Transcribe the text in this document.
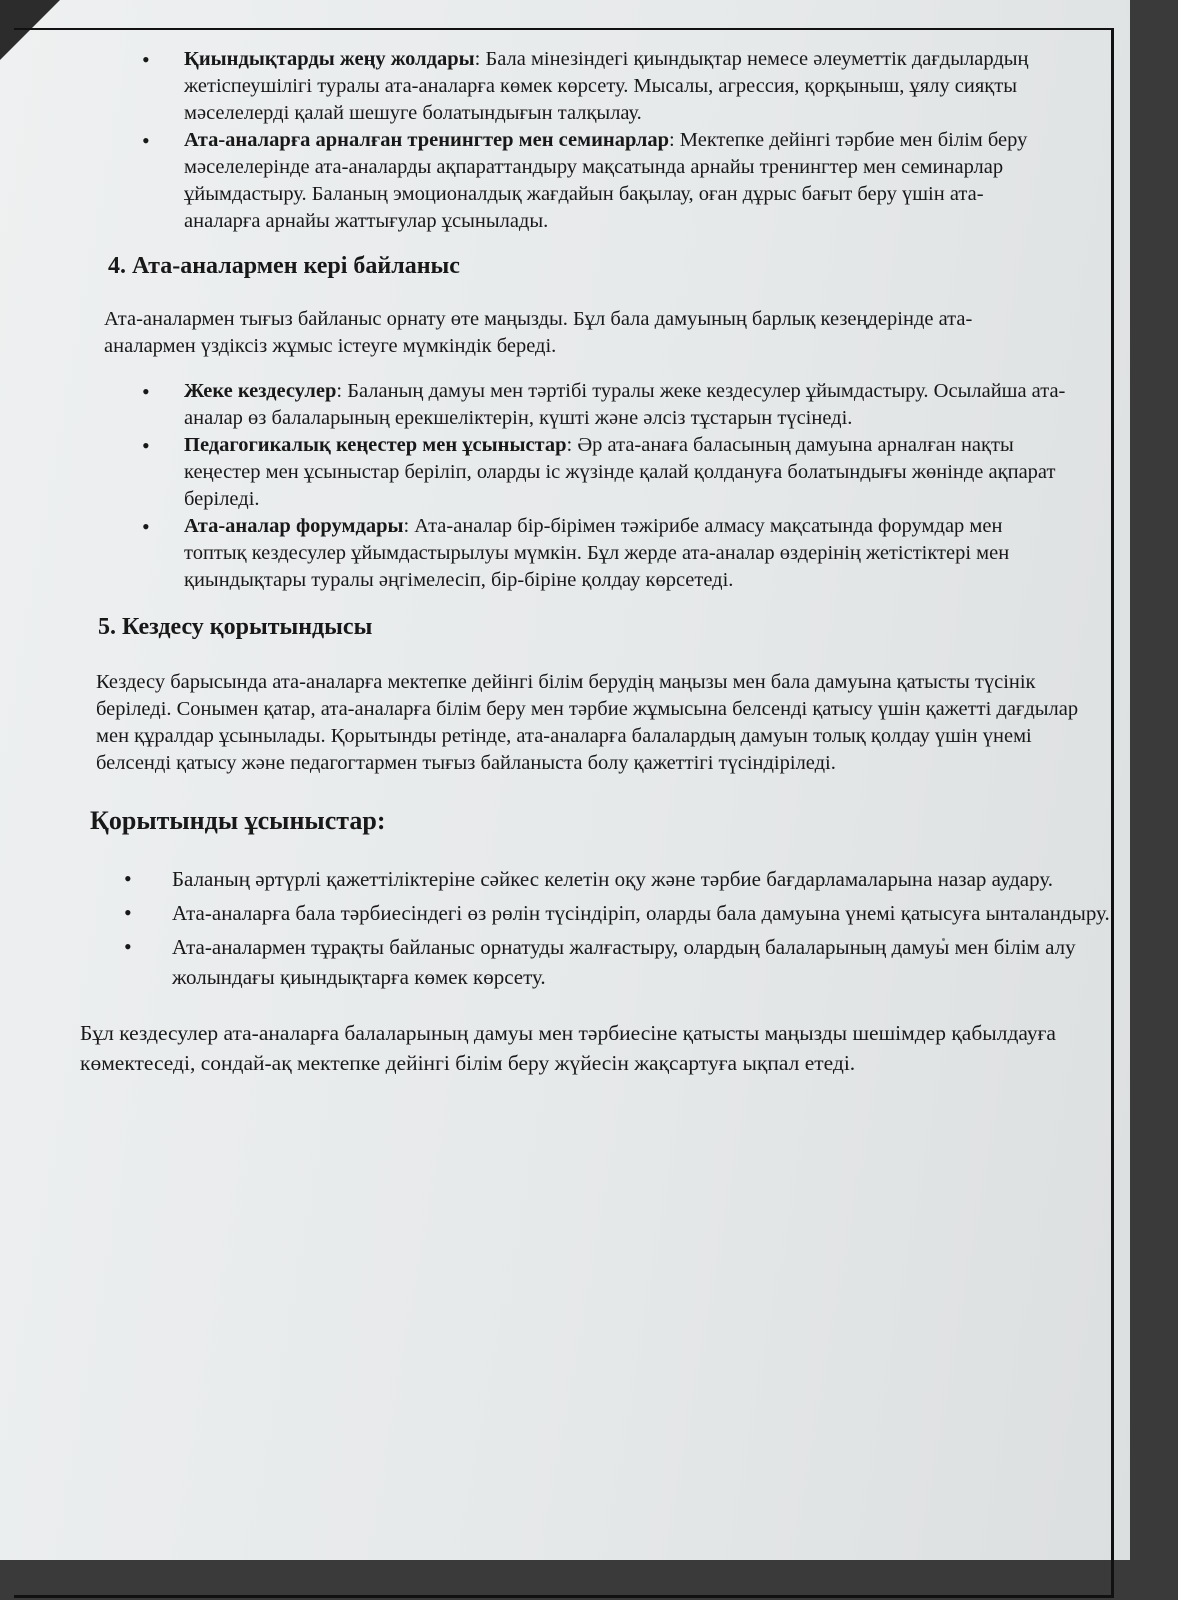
• Қиындықтарды жеңу жолдары: Бала мінезіндегі қиындықтар немесе әлеуметтік дағдылардың жетіспеушілігі туралы ата-аналарға көмек көрсету. Мысалы, агрессия, қорқыныш, ұялу сияқты мәселелерді қалай шешуге болатындығын талқылау.
• Ата-аналарға арналған тренингтер мен семинарлар: Мектепке дейінгі тәрбие мен білім беру мәселелерінде ата-аналарды ақпараттандыру мақсатында арнайы тренингтер мен семинарлар ұйымдастыру. Баланың эмоционалдық жағдайын бақылау, оған дұрыс бағыт беру үшін ата-аналарға арнайы жаттығулар ұсынылады.
4. Ата-аналармен кері байланыс

Ата-аналармен тығыз байланыс орнату өте маңызды. Бұл бала дамуының барлық кезеңдерінде ата-аналармен үздіксіз жұмыс істеуге мүмкіндік береді.

• Жеке кездесулер: Баланың дамуы мен тәртібі туралы жеке кездесулер ұйымдастыру. Осылайша ата-аналар өз балаларының ерекшеліктерін, күшті және әлсіз тұстарын түсінеді.
• Педагогикалық кеңестер мен ұсыныстар: Әр ата-анаға баласының дамуына арналған нақты кеңестер мен ұсыныстар беріліп, оларды іс жүзінде қалай қолдануға болатындығы жөнінде ақпарат беріледі.
• Ата-аналар форумдары: Ата-аналар бір-бірімен тәжірибе алмасу мақсатында форумдар мен топтық кездесулер ұйымдастырылуы мүмкін. Бұл жерде ата-аналар өздерінің жетістіктері мен қиындықтары туралы әңгімелесіп, бір-біріне қолдау көрсетеді.
5. Кездесу қорытындысы

Кездесу барысында ата-аналарға мектепке дейінгі білім берудің маңызы мен бала дамуына қатысты түсінік беріледі. Сонымен қатар, ата-аналарға білім беру мен тәрбие жұмысына белсенді қатысу үшін қажетті дағдылар мен құралдар ұсынылады. Қорытынды ретінде, ата-аналарға балалардың дамуын толық қолдау үшін үнемі белсенді қатысу және педагогтармен тығыз байланыста болу қажеттігі түсіндіріледі.

Қорытынды ұсыныстар:
• Баланың әртүрлі қажеттіліктеріне сәйкес келетін оқу және тәрбие бағдарламаларына назар аудару.
• Ата-аналарға бала тәрбиесіндегі өз рөлін түсіндіріп, оларды бала дамуына үнемі қатысуға ынталандыру.
• Ата-аналармен тұрақты байланыс орнатуды жалғастыру, олардың балаларының дамуы мен білім алу жолындағы қиындықтарға көмек көрсету.

Бұл кездесулер ата-аналарға балаларының дамуы мен тәрбиесіне қатысты маңызды шешімдер қабылдауға көмектеседі, сондай-ақ мектепке дейінгі білім беру жүйесін жақсартуға ықпал етеді.
